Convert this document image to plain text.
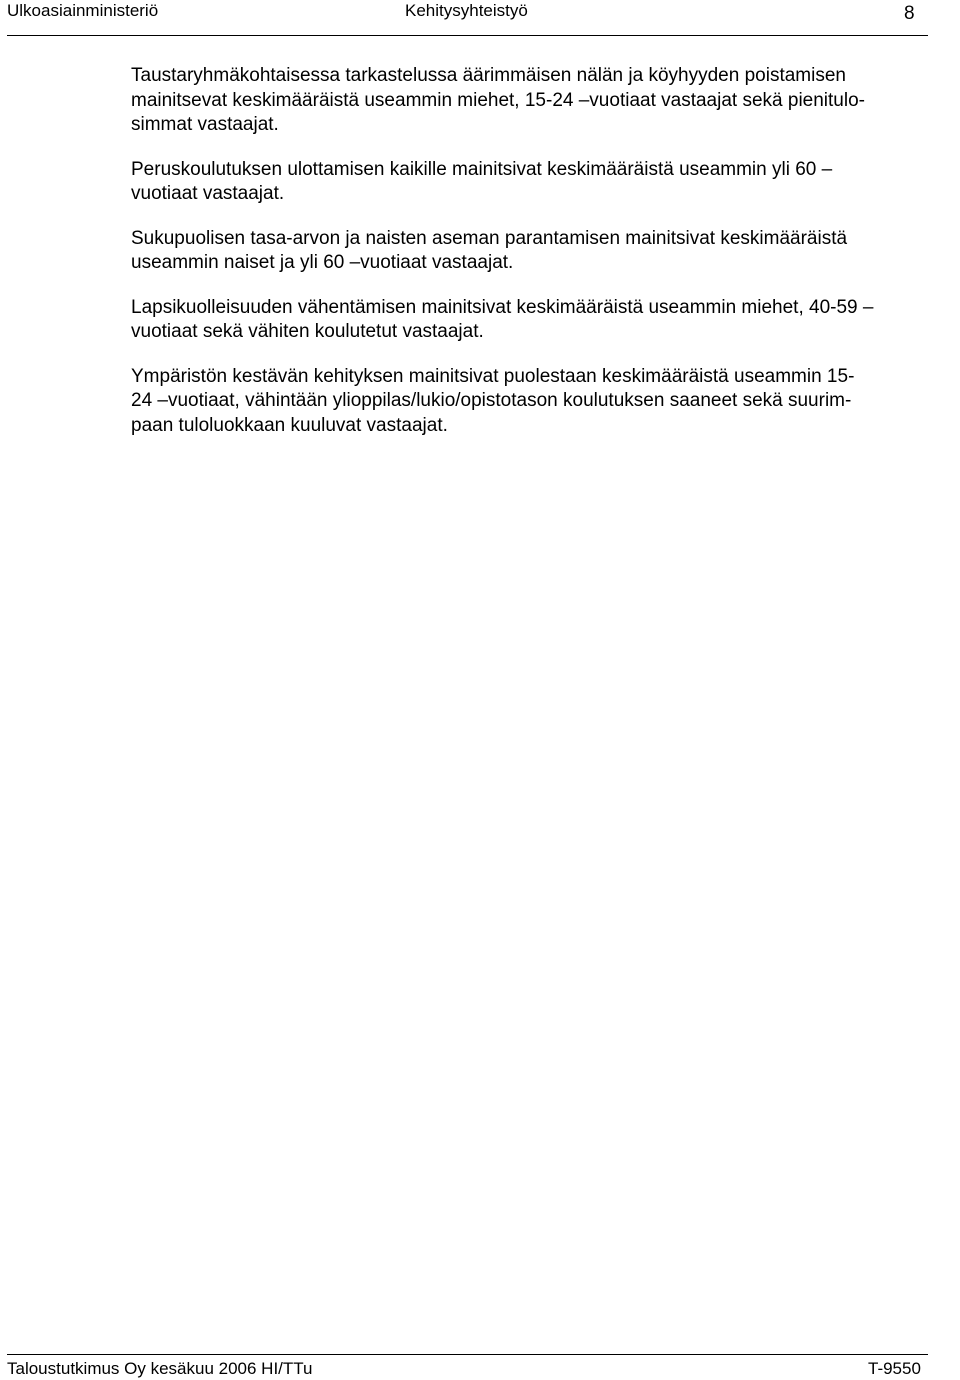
Ulkoasiainministeriö	Kehitysyhteistyö	8

Taustaryhmäkohtaisessa tarkastelussa äärimmäisen nälän ja köyhyyden poistamisen
mainitsevat keskimääräistä useammin miehet, 15-24 –vuotiaat vastaajat sekä pienitulo-
simmat vastaajat.

Peruskoulutuksen ulottamisen kaikille mainitsivat keskimääräistä useammin yli 60 –
vuotiaat vastaajat.

Sukupuolisen tasa-arvon ja naisten aseman parantamisen mainitsivat keskimääräistä
useammin naiset ja yli 60 –vuotiaat vastaajat.

Lapsikuolleisuuden vähentämisen mainitsivat keskimääräistä useammin miehet, 40-59 –
vuotiaat sekä vähiten koulutetut vastaajat.

Ympäristön kestävän kehityksen mainitsivat puolestaan keskimääräistä useammin 15-
24 –vuotiaat, vähintään ylioppilas/lukio/opistotason koulutuksen saaneet sekä suurim-
paan tuloluokkaan kuuluvat vastaajat.

Taloustutkimus Oy kesäkuu 2006 HI/TTu	T-9550
